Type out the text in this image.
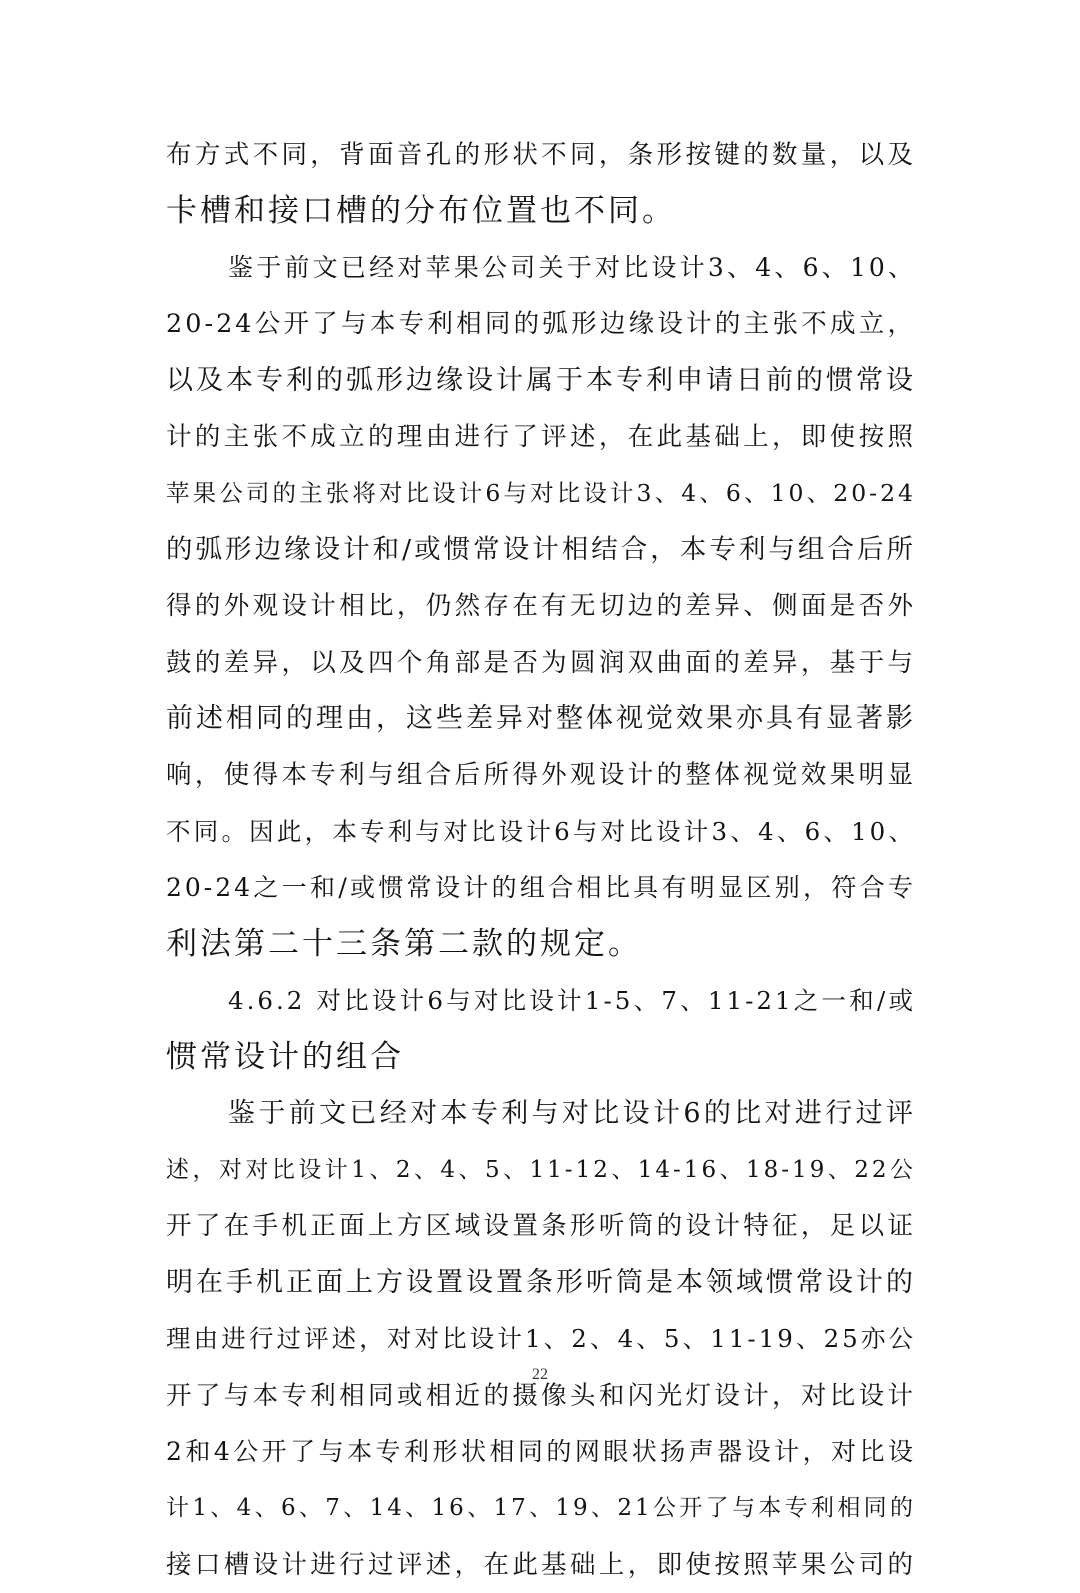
布方式不同，背面音孔的形状不同，条形按键的数量，以及
卡槽和接口槽的分布位置也不同。
鉴于前文已经对苹果公司关于对比设计3、4、6、10、
20-24公开了与本专利相同的弧形边缘设计的主张不成立，
以及本专利的弧形边缘设计属于本专利申请日前的惯常设
计的主张不成立的理由进行了评述，在此基础上，即使按照
苹果公司的主张将对比设计6与对比设计3、4、6、10、20-24
的弧形边缘设计和/或惯常设计相结合，本专利与组合后所
得的外观设计相比，仍然存在有无切边的差异、侧面是否外
鼓的差异，以及四个角部是否为圆润双曲面的差异，基于与
前述相同的理由，这些差异对整体视觉效果亦具有显著影
响，使得本专利与组合后所得外观设计的整体视觉效果明显
不同。因此，本专利与对比设计6与对比设计3、4、6、10、
20-24之一和/或惯常设计的组合相比具有明显区别，符合专
利法第二十三条第二款的规定。
4.6.2 对比设计6与对比设计1-5、7、11-21之一和/或
惯常设计的组合
鉴于前文已经对本专利与对比设计6的比对进行过评
述，对对比设计1、2、4、5、11-12、14-16、18-19、22公
开了在手机正面上方区域设置条形听筒的设计特征，足以证
明在手机正面上方设置设置条形听筒是本领域惯常设计的
理由进行过评述，对对比设计1、2、4、5、11-19、25亦公
开了与本专利相同或相近的摄像头和闪光灯设计，对比设计
2和4公开了与本专利形状相同的网眼状扬声器设计，对比设
计1、4、6、7、14、16、17、19、21公开了与本专利相同的
接口槽设计进行过评述，在此基础上，即使按照苹果公司的
22
